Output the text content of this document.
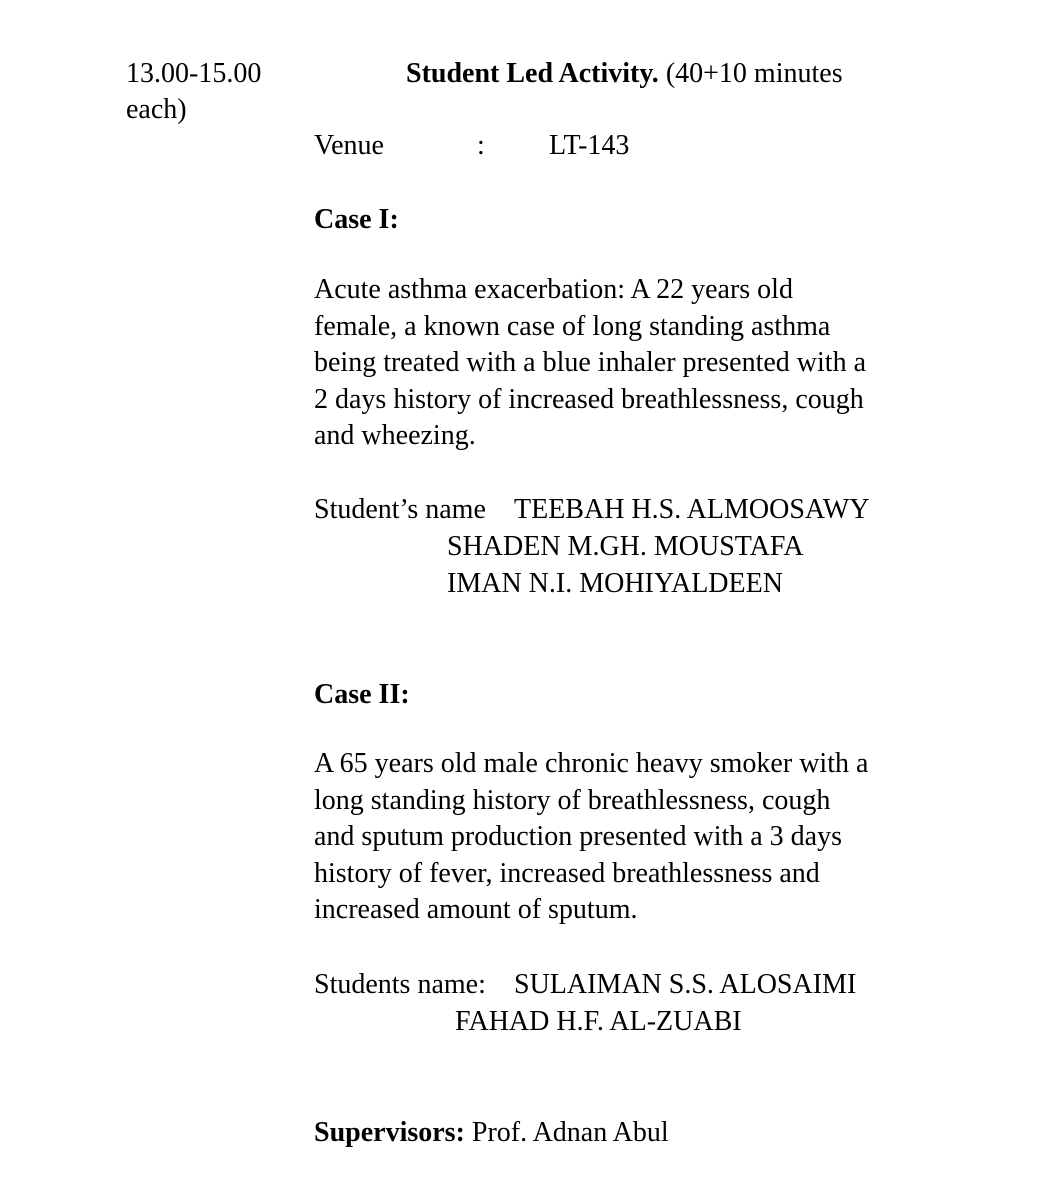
13.00-15.00
each)
Student Led Activity. (40+10 minutes
Venue	: LT-143
Case I:
Acute asthma exacerbation: A 22 years old
female, a known case of long standing asthma
being treated with a blue inhaler presented with a
2 days history of increased breathlessness, cough
and wheezing.
Student’s name TEEBAH H.S. ALMOOSAWY
SHADEN M.GH. MOUSTAFA
IMAN N.I. MOHIYALDEEN
Case II:
A 65 years old male chronic heavy smoker with a
long standing history of breathlessness, cough
and sputum production presented with a 3 days
history of fever, increased breathlessness and
increased amount of sputum.
Students name: SULAIMAN S.S. ALOSAIMI
FAHAD H.F. AL-ZUABI
Supervisors: Prof. Adnan Abul
